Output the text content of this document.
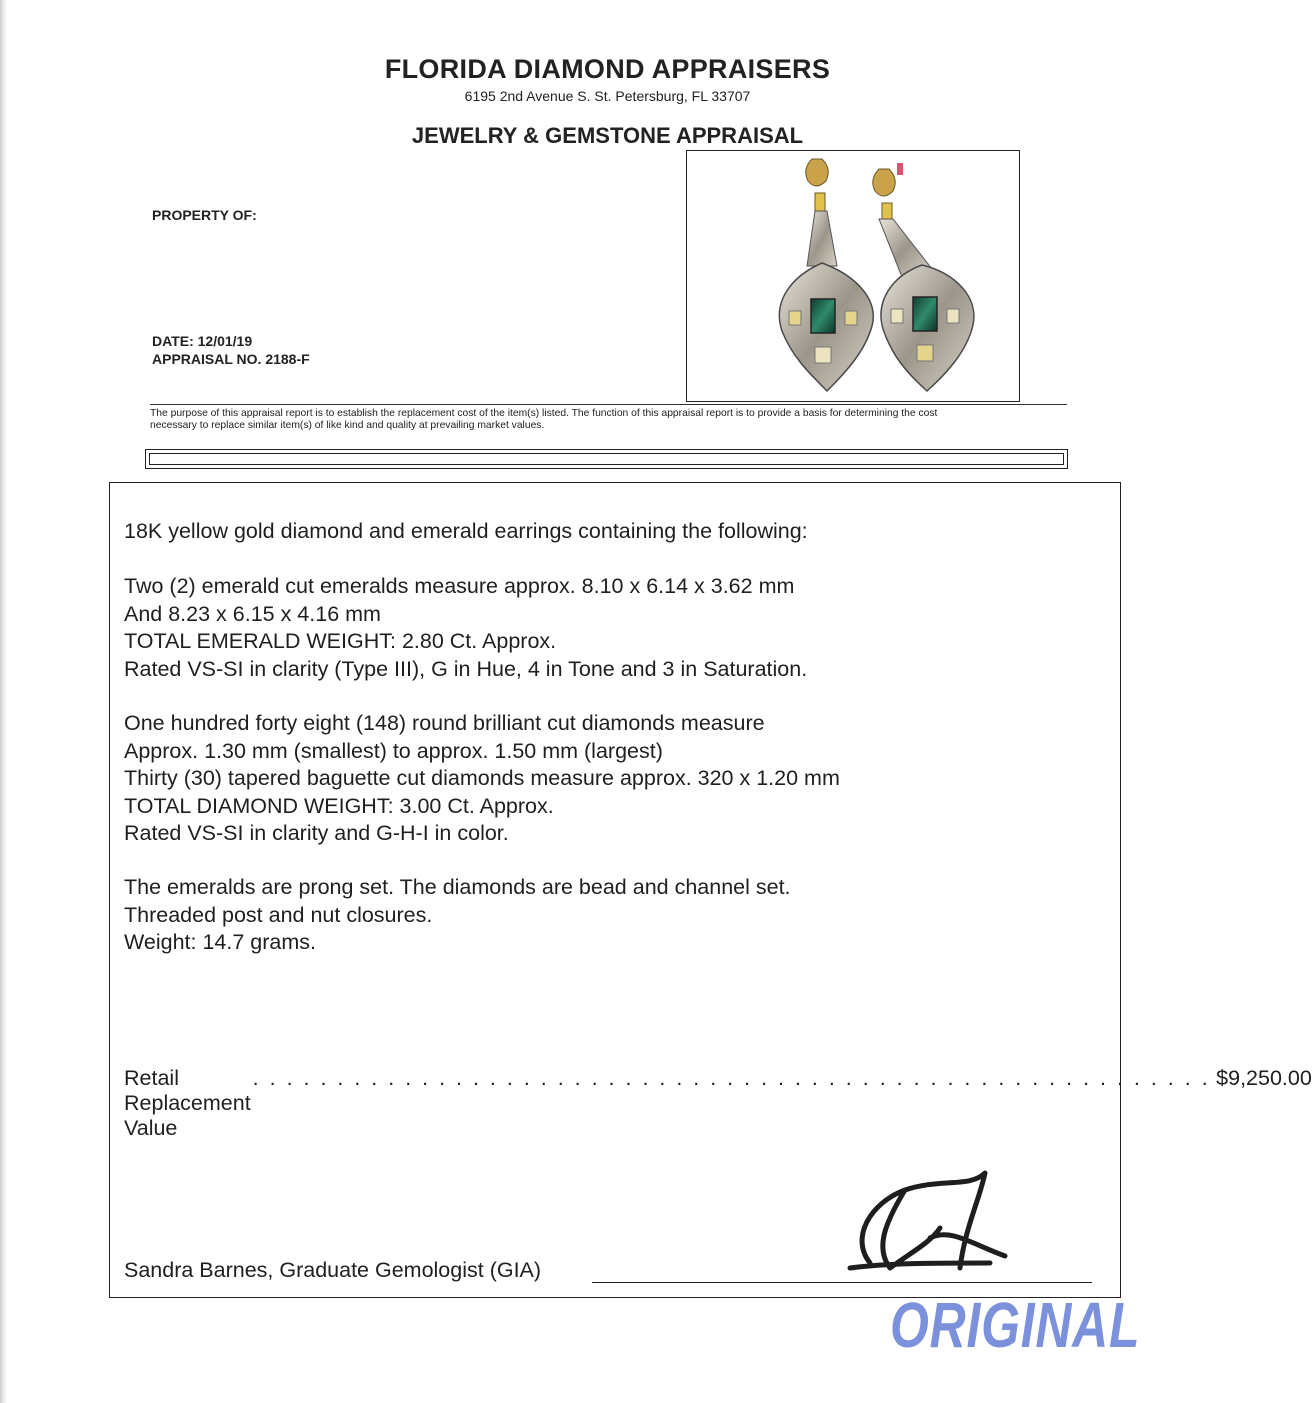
FLORIDA DIAMOND APPRAISERS
6195 2nd Avenue S. St. Petersburg, FL 33707
JEWELRY & GEMSTONE APPRAISAL
PROPERTY OF:
DATE: 12/01/19
APPRAISAL NO. 2188-F
The purpose of this appraisal report is to establish the replacement cost of the item(s) listed. The function of this appraisal report is to provide a basis for determining the cost
necessary to replace similar item(s) of like kind and quality at prevailing market values.

18K yellow gold diamond and emerald earrings containing the following:

Two (2) emerald cut emeralds measure approx. 8.10 x 6.14 x 3.62 mm

And 8.23 x 6.15 x 4.16 mm

TOTAL EMERALD WEIGHT: 2.80 Ct. Approx.

Rated VS-SI in clarity (Type III), G in Hue, 4 in Tone and 3 in Saturation.

One hundred forty eight (148) round brilliant cut diamonds measure

Approx. 1.30 mm (smallest) to approx. 1.50 mm (largest)

Thirty (30) tapered baguette cut diamonds measure approx. 320 x 1.20 mm

TOTAL DIAMOND WEIGHT: 3.00 Ct. Approx.

Rated VS-SI in clarity and G-H-I in color.

The emeralds are prong set. The diamonds are bead and channel set.

Threaded post and nut closures.

Weight: 14.7 grams.

Retail Replacement Value
. . . . . . . . . . . . . . . . . . . . . . . . . . . . . . . . . . . . . . . . . . . . . . . . . . . . . . . . . $9,250.00
Sandra Barnes, Graduate Gemologist (GIA)
ORIGINAL
